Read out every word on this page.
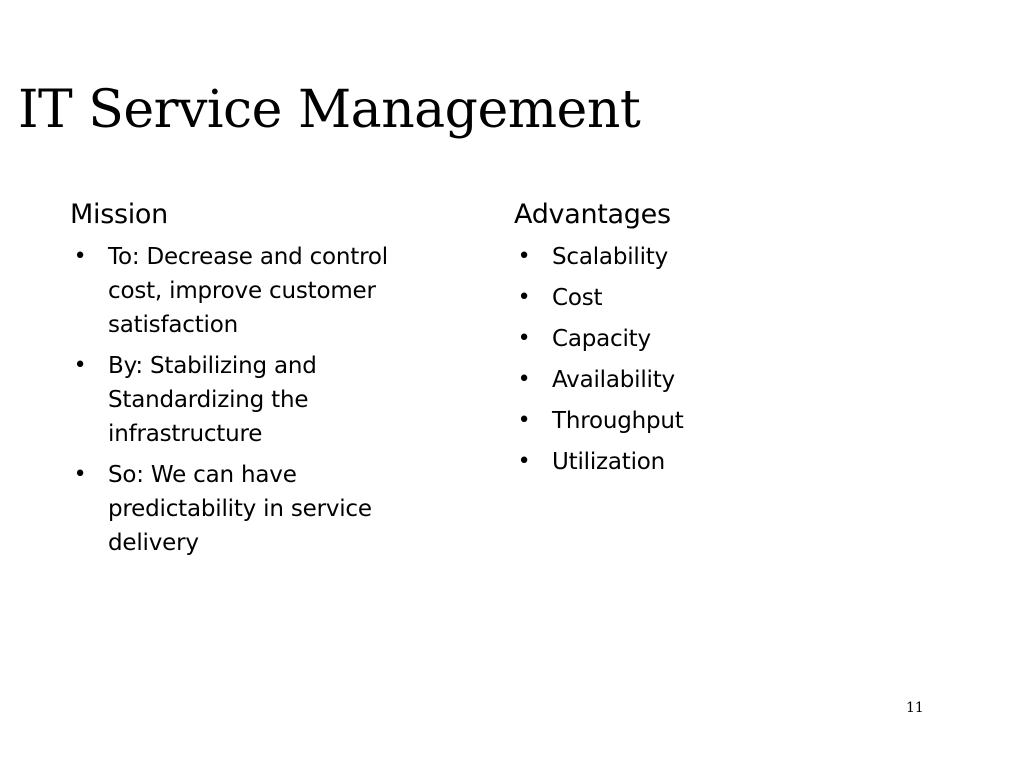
IT Service Management
Mission
• To: Decrease and control cost, improve customer satisfaction
• By: Stabilizing and Standardizing the infrastructure
• So: We can have predictability in service delivery
Advantages
• Scalability
• Cost
• Capacity
• Availability
• Throughput
• Utilization
11
